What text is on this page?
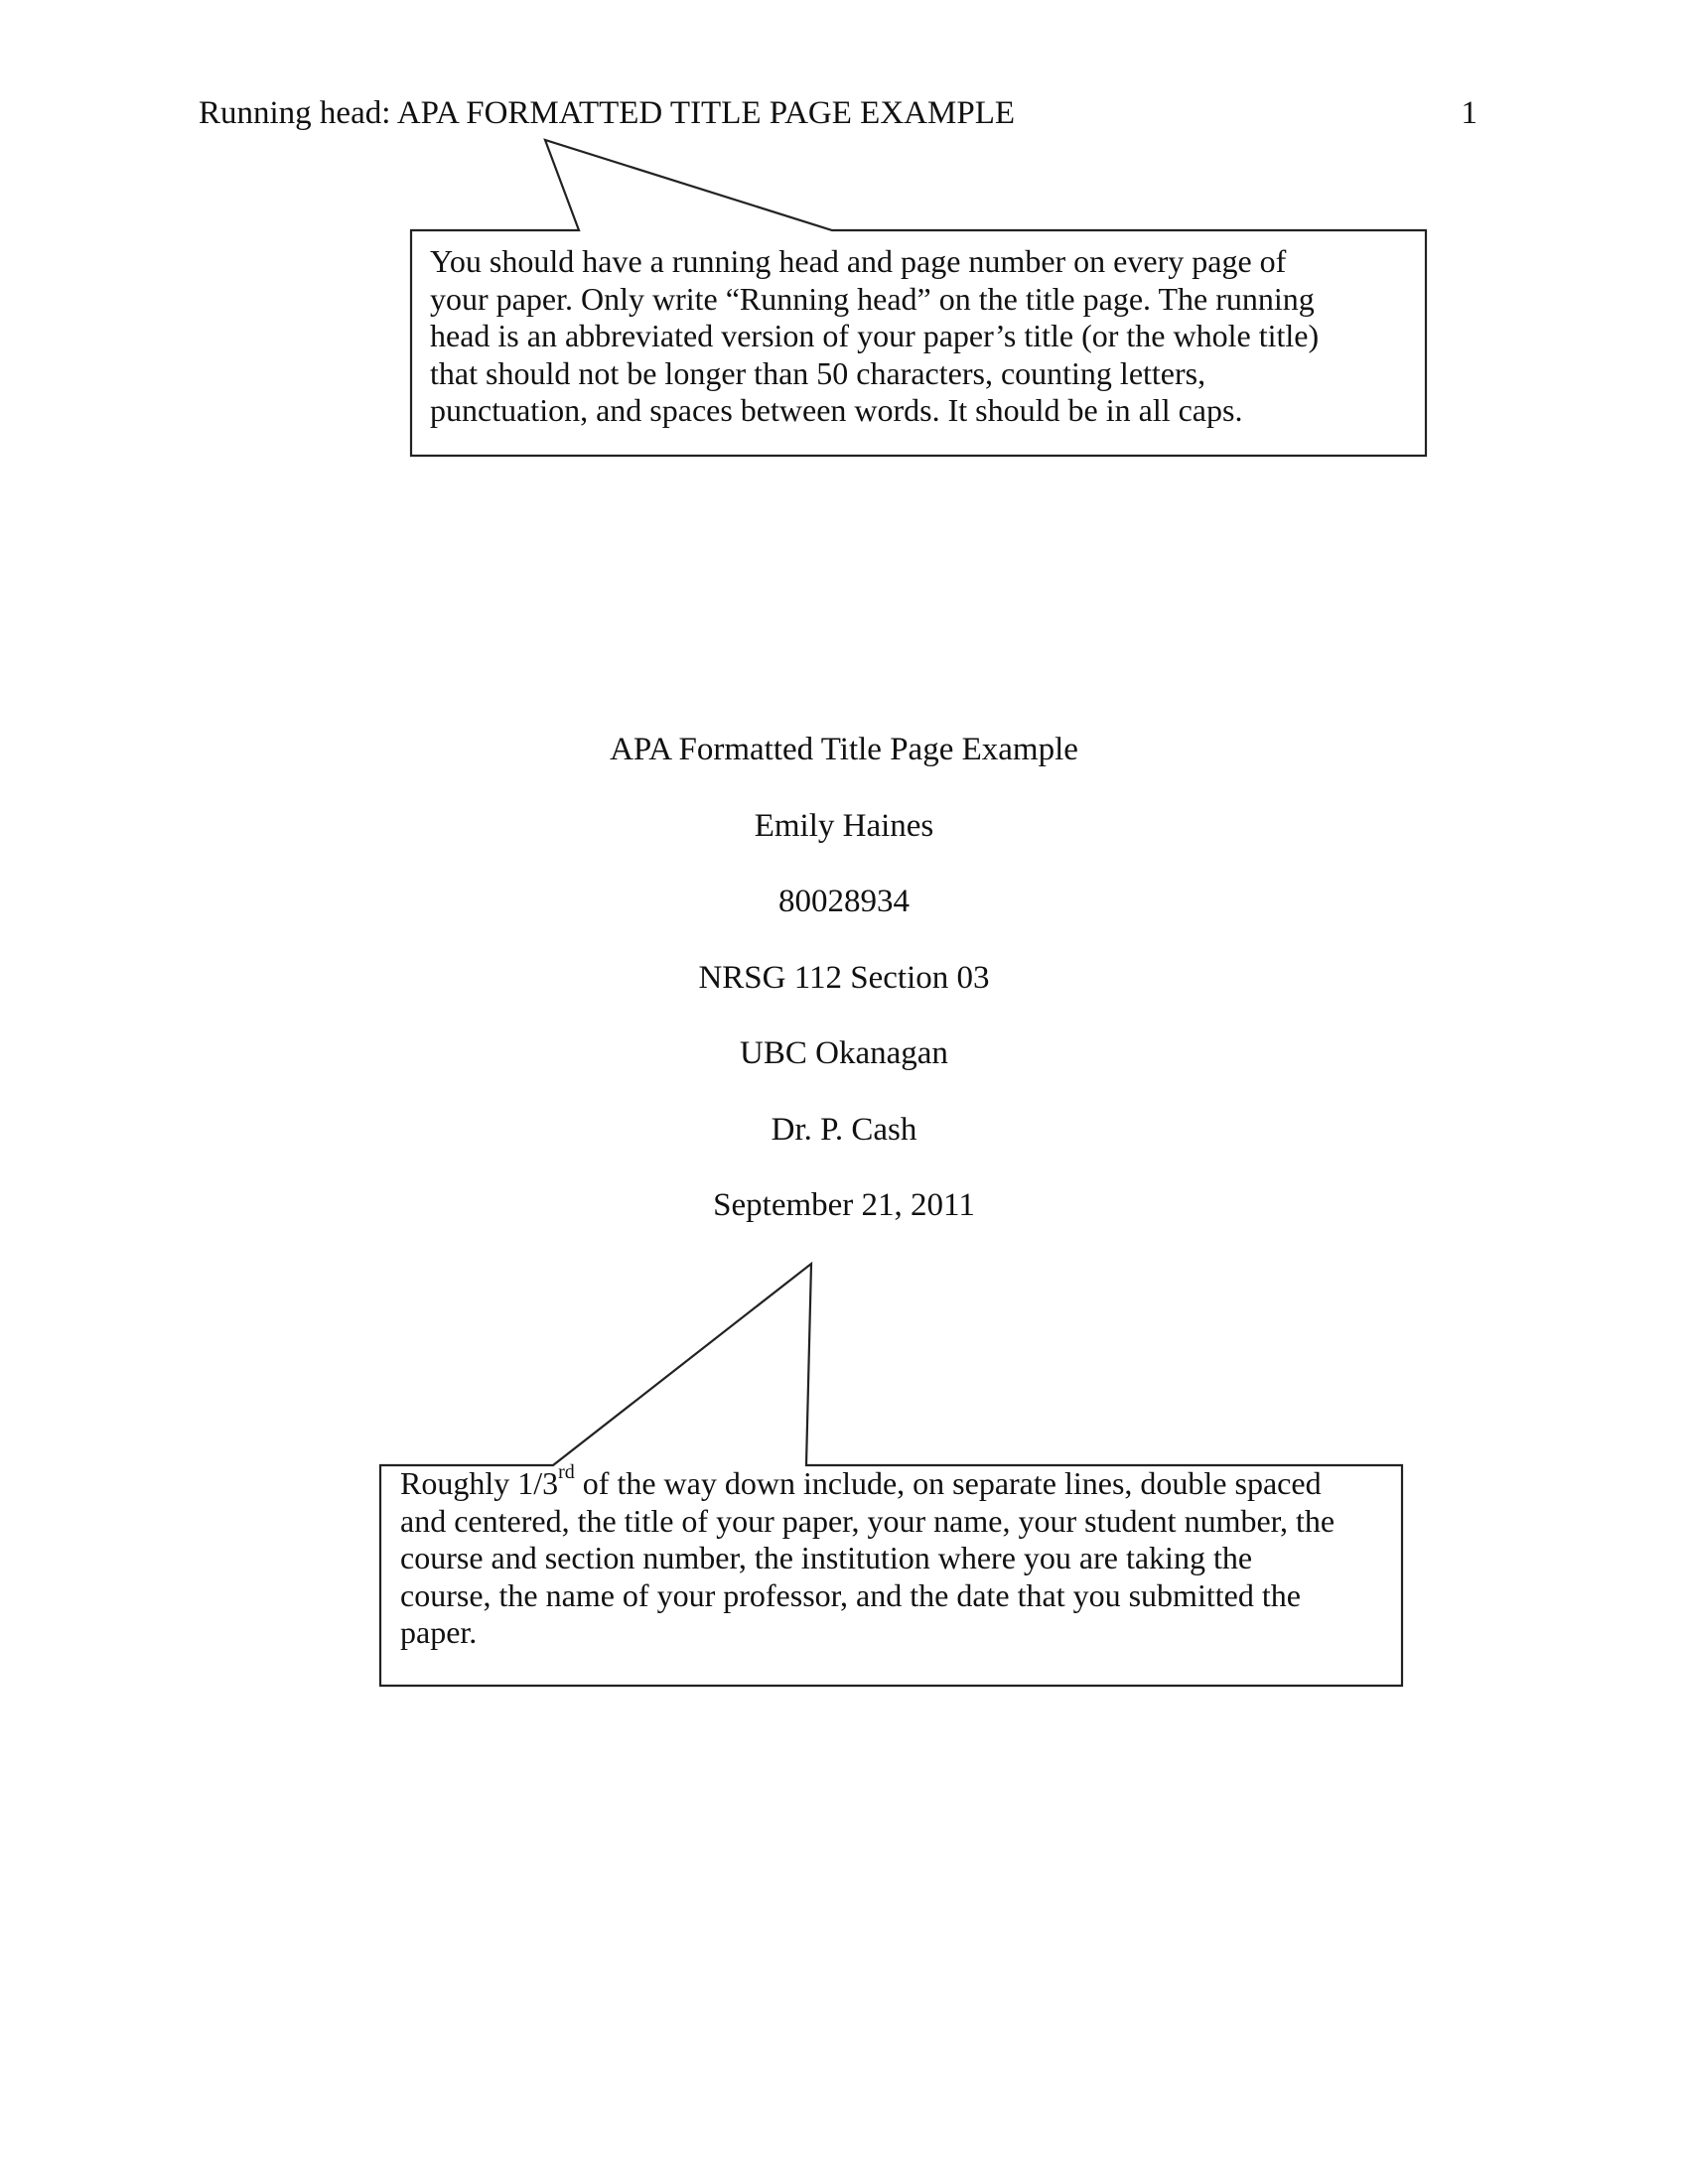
Running head: APA FORMATTED TITLE PAGE EXAMPLE	1
You should have a running head and page number on every page of
your paper. Only write “Running head” on the title page. The running
head is an abbreviated version of your paper’s title (or the whole title)
that should not be longer than 50 characters, counting letters,
punctuation, and spaces between words. It should be in all caps.
Roughly 1/3rd of the way down include, on separate lines, double spaced
and centered, the title of your paper, your name, your student number, the
course and section number, the institution where you are taking the
course, the name of your professor, and the date that you submitted the
paper.
APA Formatted Title Page Example
Emily Haines
80028934
NRSG 112 Section 03
UBC Okanagan
Dr. P. Cash
September 21, 2011
